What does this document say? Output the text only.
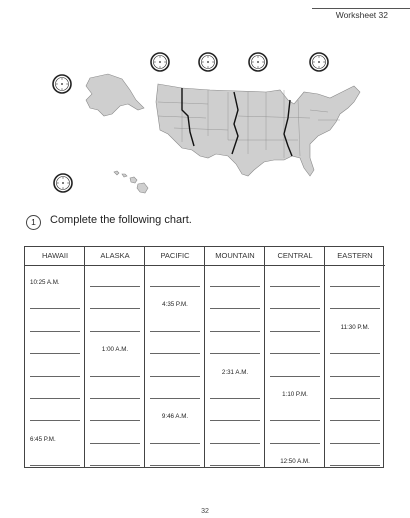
Worksheet 32
1	Complete the following chart.
HAWAII
10:25 A.M.
6:45 P.M.
ALASKA
1:00 A.M.
PACIFIC
4:35 P.M.
9:46 A.M.
MOUNTAIN
2:31 A.M.
CENTRAL
1:10 P.M.
12:50 A.M.
EASTERN
11:30 P.M.
32
